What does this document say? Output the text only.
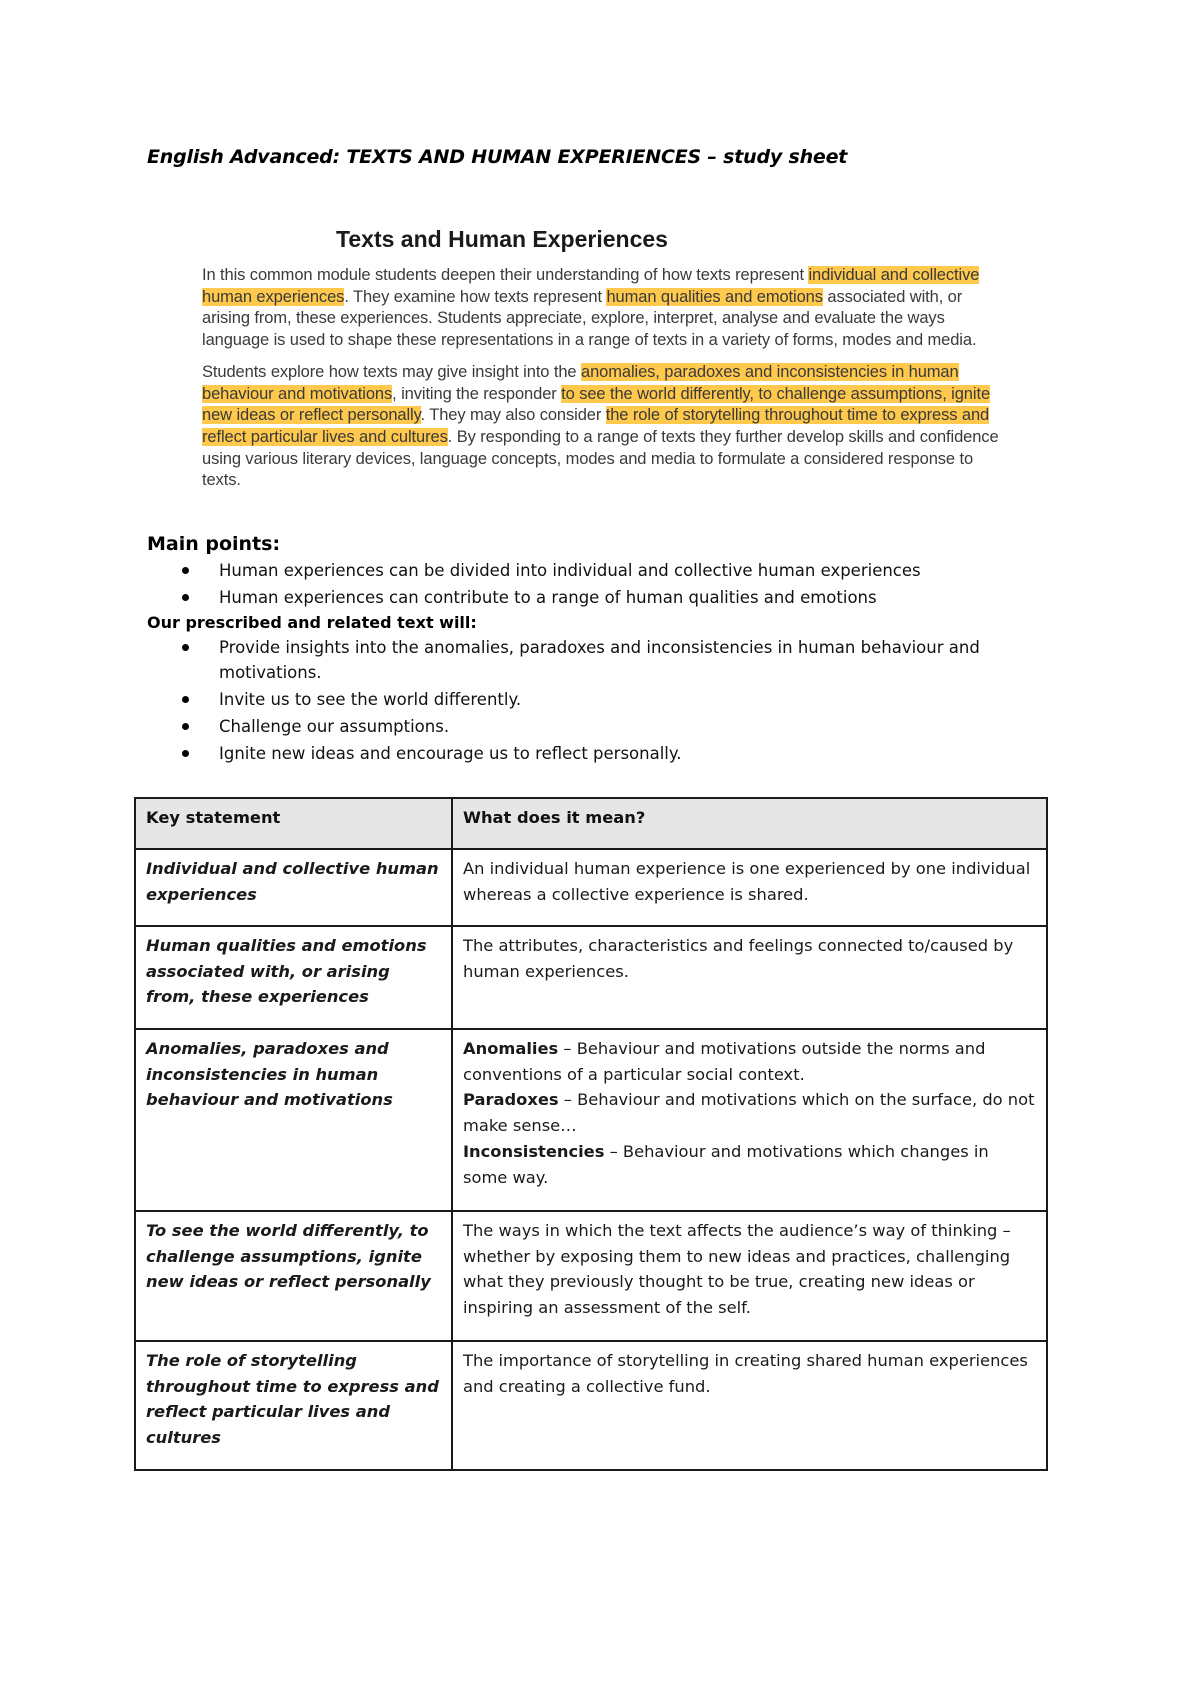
English Advanced: TEXTS AND HUMAN EXPERIENCES – study sheet
Texts and Human Experiences

In this common module students deepen their understanding of how texts represent individual and collective human experiences. They examine how texts represent human qualities and emotions associated with, or arising from, these experiences. Students appreciate, explore, interpret, analyse and evaluate the ways language is used to shape these representations in a range of texts in a variety of forms, modes and media.

Students explore how texts may give insight into the anomalies, paradoxes and inconsistencies in human behaviour and motivations, inviting the responder to see the world differently, to challenge assumptions, ignite new ideas or reflect personally. They may also consider the role of storytelling throughout time to express and reflect particular lives and cultures. By responding to a range of texts they further develop skills and confidence using various literary devices, language concepts, modes and media to formulate a considered response to texts.

Main points:
Human experiences can be divided into individual and collective human experiences
Human experiences can contribute to a range of human qualities and emotions
Our prescribed and related text will:
Provide insights into the anomalies, paradoxes and inconsistencies in human behaviour and motivations.
Invite us to see the world differently.
Challenge our assumptions.
Ignite new ideas and encourage us to reflect personally.
Key statement	What does it mean?
Individual and collective human experiences	An individual human experience is one experienced by one individual whereas a collective experience is shared.
Human qualities and emotions associated with, or arising from, these experiences	The attributes, characteristics and feelings connected to/caused by human experiences.
Anomalies, paradoxes and inconsistencies in human behaviour and motivations	Anomalies – Behaviour and motivations outside the norms and conventions of a particular social context.
Paradoxes – Behaviour and motivations which on the surface, do not make sense…
Inconsistencies – Behaviour and motivations which changes in some way.

To see the world differently, to challenge assumptions, ignite new ideas or reflect personally	The ways in which the text affects the audience’s way of thinking – whether by exposing them to new ideas and practices, challenging what they previously thought to be true, creating new ideas or inspiring an assessment of the self.
The role of storytelling throughout time to express and reflect particular lives and cultures	The importance of storytelling in creating shared human experiences and creating a collective fund.
